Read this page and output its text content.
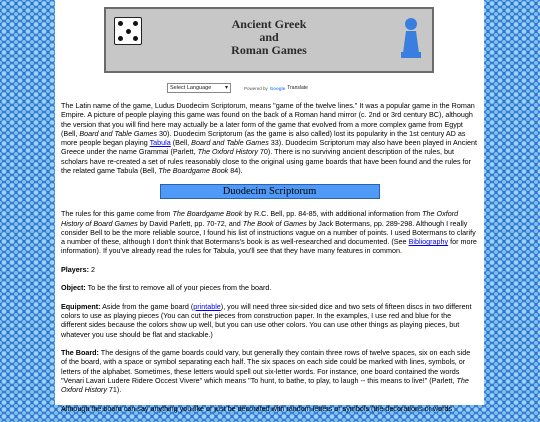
Ancient Greek
and
Roman Games
Select Language ▾	Powered by Google Translate

The Latin name of the game, Ludus Duodecim Scriptorum, means "game of the twelve lines." It was a popular game in the Roman Empire. A picture of people playing this game was found on the back of a Roman hand mirror (c. 2nd or 3rd century BC), although the version that you will find here may actually be a later form of the game that evolved from a more complex game from Egypt (Bell, Board and Table Games 30). Duodecim Scriptorum (as the game is also called) lost its popularity in the 1st century AD as more people began playing Tabula (Bell, Board and Table Games 33). Duodecim Scriptorum may also have been played in Ancient Greece under the name Grammai (Parlett, The Oxford History 70). There is no surviving ancient description of the rules, but scholars have re-created a set of rules reasonably close to the original using game boards that have been found and the rules for the related game Tabula (Bell, The Boardgame Book 84).

Duodecim Scriptorum

The rules for this game come from The Boardgame Book by R.C. Bell, pp. 84-85, with additional information from The Oxford History of Board Games by David Parlett, pp. 70-72, and The Book of Games by Jack Botermans, pp. 289-298. Although I really consider Bell to be the more reliable source, I found his list of instructions vague on a number of points. I used Botermans to clarify a number of these, although I don't think that Botermans's book is as well-researched and documented. (See Bibliography for more information). If you've already read the rules for Tabula, you'll see that they have many features in common.

Players: 2

Object: To be the first to remove all of your pieces from the board.

Equipment: Aside from the game board (printable), you will need three six-sided dice and two sets of fifteen discs in two different colors to use as playing pieces (You can cut the pieces from construction paper. In the examples, I use red and blue for the different sides because the colors show up well, but you can use other colors. You can use other things as playing pieces, but whatever you use should be flat and stackable.)

The Board: The designs of the game boards could vary, but generally they contain three rows of twelve spaces, six on each side of the board, with a space or symbol separating each half. The six spaces on each side could be marked with lines, symbols, or letters of the alphabet. Sometimes, these letters would spell out six-letter words. For instance, one board contained the words "Venari Lavari Ludere Ridere Occest Vivere" which means "To hunt, to bathe, to play, to laugh -- this means to live!" (Parlett, The Oxford History 71).

Although the board can say anything you like or just be decorated with random letters or symbols (the decorations or words
